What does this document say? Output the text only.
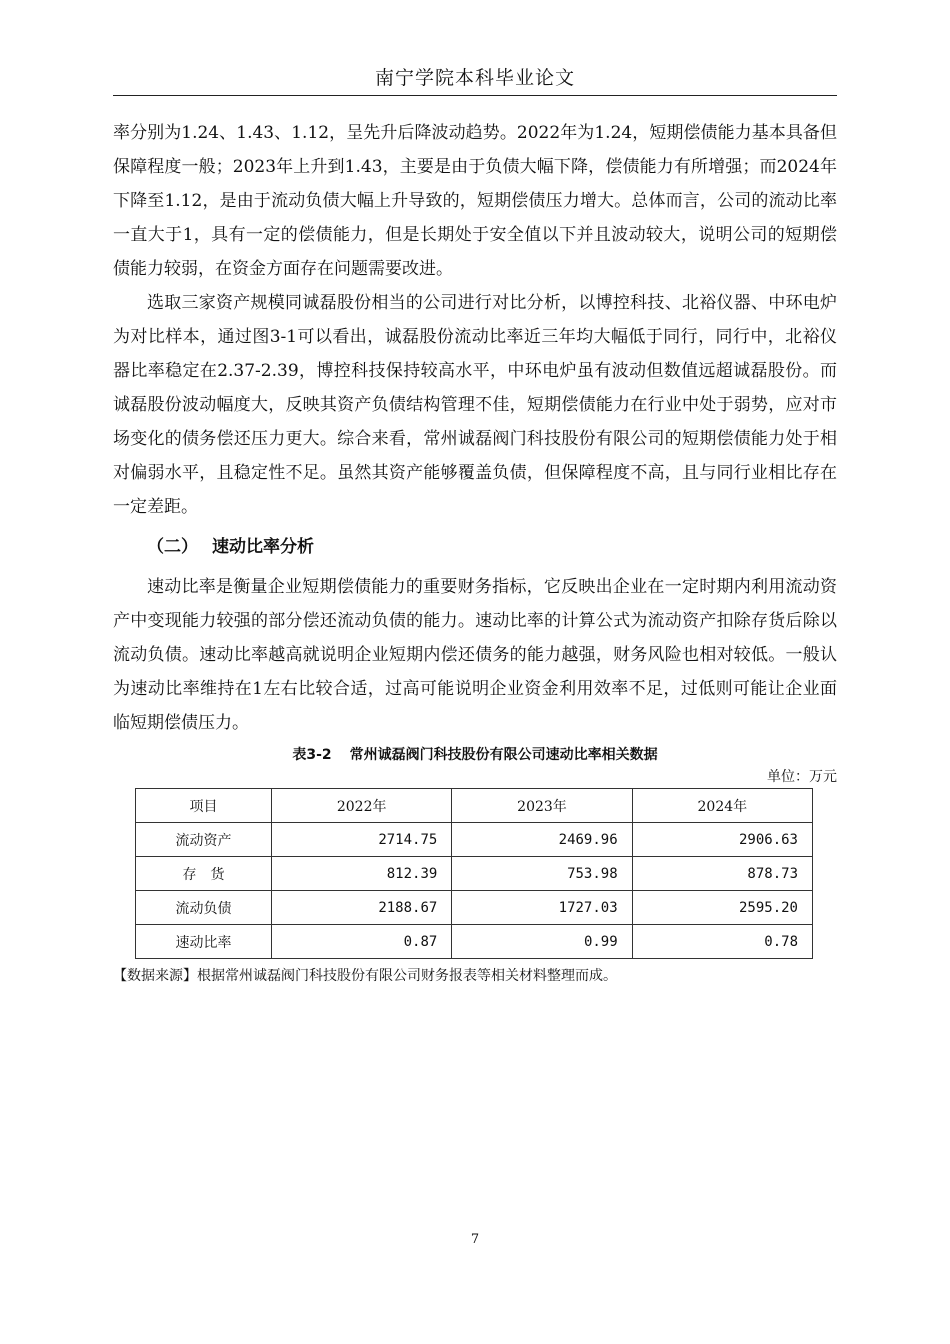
南宁学院本科毕业论文

率分别为1.24、1.43、1.12，呈先升后降波动趋势。2022年为1.24，短期偿债能力基本具备但保障程度一般；2023年上升到1.43，主要是由于负债大幅下降，偿债能力有所增强；而2024年下降至1.12，是由于流动负债大幅上升导致的，短期偿债压力增大。总体而言，公司的流动比率一直大于1，具有一定的偿债能力，但是长期处于安全值以下并且波动较大，说明公司的短期偿债能力较弱，在资金方面存在问题需要改进。

选取三家资产规模同诚磊股份相当的公司进行对比分析，以博控科技、北裕仪器、中环电炉为对比样本，通过图3-1可以看出，诚磊股份流动比率近三年均大幅低于同行，同行中，北裕仪器比率稳定在2.37-2.39，博控科技保持较高水平，中环电炉虽有波动但数值远超诚磊股份。而诚磊股份波动幅度大，反映其资产负债结构管理不佳，短期偿债能力在行业中处于弱势，应对市场变化的债务偿还压力更大。综合来看，常州诚磊阀门科技股份有限公司的短期偿债能力处于相对偏弱水平，且稳定性不足。虽然其资产能够覆盖负债，但保障程度不高，且与同行业相比存在一定差距。

（二） 速动比率分析

速动比率是衡量企业短期偿债能力的重要财务指标，它反映出企业在一定时期内利用流动资产中变现能力较强的部分偿还流动负债的能力。速动比率的计算公式为流动资产扣除存货后除以流动负债。速动比率越高就说明企业短期内偿还债务的能力越强，财务风险也相对较低。一般认为速动比率维持在1左右比较合适，过高可能说明企业资金利用效率不足，过低则可能让企业面临短期偿债压力。

表3-2 常州诚磊阀门科技股份有限公司速动比率相关数据
单位：万元
项目	2022年	2023年	2024年
流动资产	2714.75	2469.96	2906.63
存　货	812.39	753.98	878.73
流动负债	2188.67	1727.03	2595.20
速动比率	0.87	0.99	0.78
【数据来源】根据常州诚磊阀门科技股份有限公司财务报表等相关材料整理而成。
7
